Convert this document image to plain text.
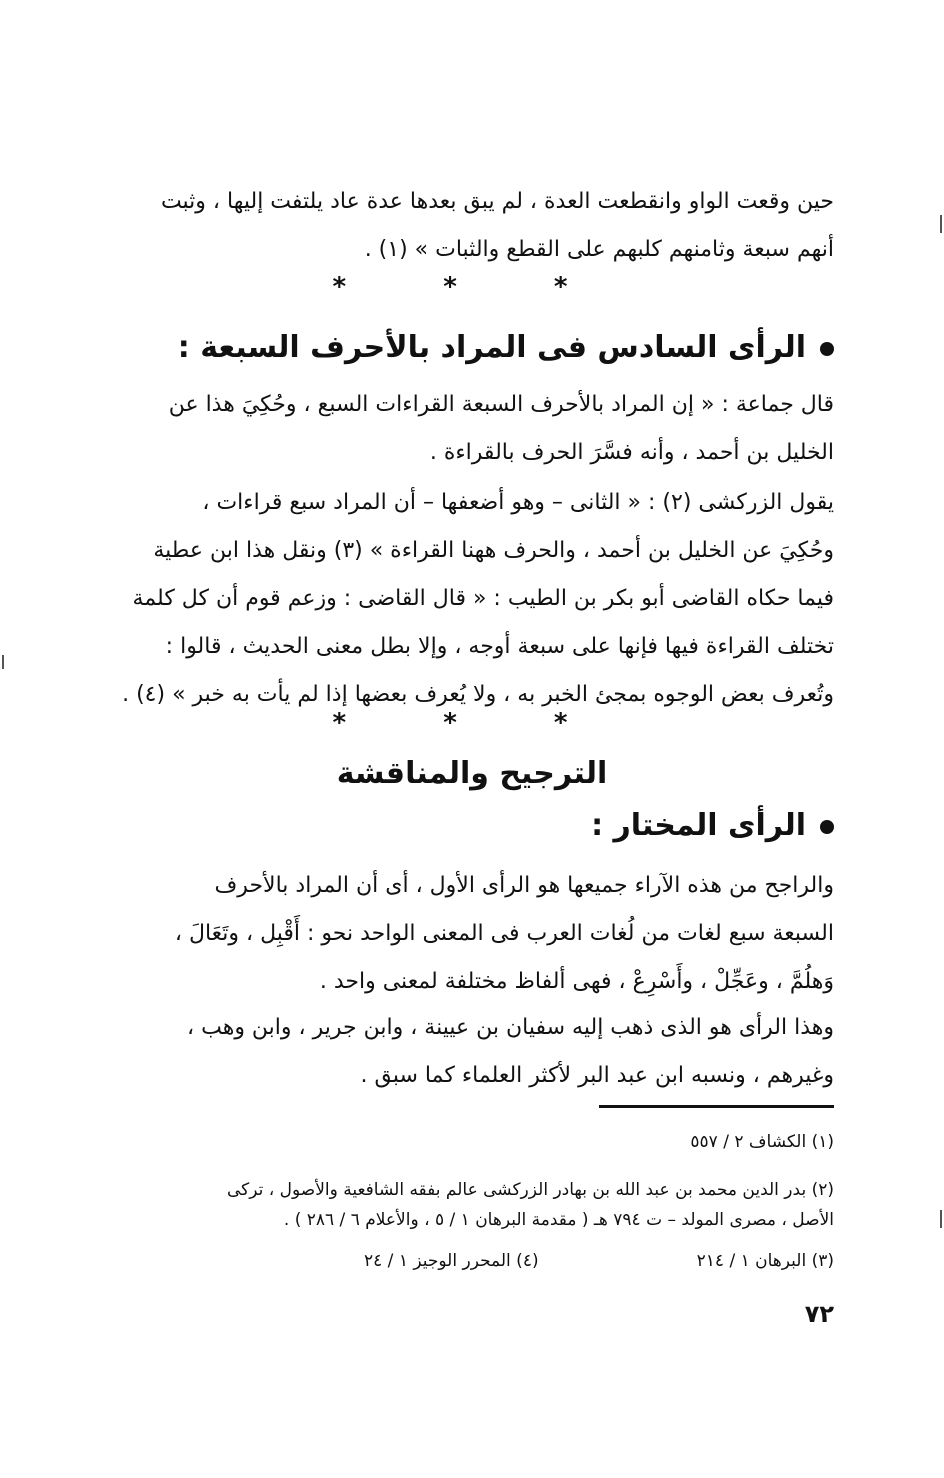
حين وقعت الواو وانقطعت العدة ، لم يبق بعدها عدة عاد يلتفت إليها ، وثبت
أنهم سبعة وثامنهم كلبهم على القطع والثبات » (١) .
* * *
الرأى السادس فى المراد بالأحرف السبعة :
قال جماعة : « إن المراد بالأحرف السبعة القراءات السبع ، وحُكِيَ هذا عن
الخليل بن أحمد ، وأنه فسَّرَ الحرف بالقراءة .
يقول الزركشى (٢) : « الثانى – وهو أضعفها – أن المراد سبع قراءات ،
وحُكِيَ عن الخليل بن أحمد ، والحرف ههنا القراءة » (٣) ونقل هذا ابن عطية
فيما حكاه القاضى أبو بكر بن الطيب : « قال القاضى : وزعم قوم أن كل كلمة
تختلف القراءة فيها فإنها على سبعة أوجه ، وإلا بطل معنى الحديث ، قالوا :
وتُعرف بعض الوجوه بمجئ الخبر به ، ولا يُعرف بعضها إذا لم يأت به خبر » (٤) .
* * *
الترجيح والمناقشة
الرأى المختار :
والراجح من هذه الآراء جميعها هو الرأى الأول ، أى أن المراد بالأحرف
السبعة سبع لغات من لُغات العرب فى المعنى الواحد نحو : أَقْبِل ، وتَعَالَ ،
وَهلُمَّ ، وعَجِّلْ ، وأَسْرِعْ ، فهى ألفاظ مختلفة لمعنى واحد .
وهذا الرأى هو الذى ذهب إليه سفيان بن عيينة ، وابن جرير ، وابن وهب ،
وغيرهم ، ونسبه ابن عبد البر لأكثر العلماء كما سبق .
(١) الكشاف ٢ / ٥٥٧
(٢) بدر الدين محمد بن عبد الله بن بهادر الزركشى عالم بفقه الشافعية والأصول ، تركى
الأصل ، مصرى المولد – ت ٧٩٤ هـ ( مقدمة البرهان ١ / ٥ ، والأعلام ٦ / ٢٨٦ ) .
(٣) البرهان ١ / ٢١٤ (٤) المحرر الوجيز ١ / ٢٤
٧٢
